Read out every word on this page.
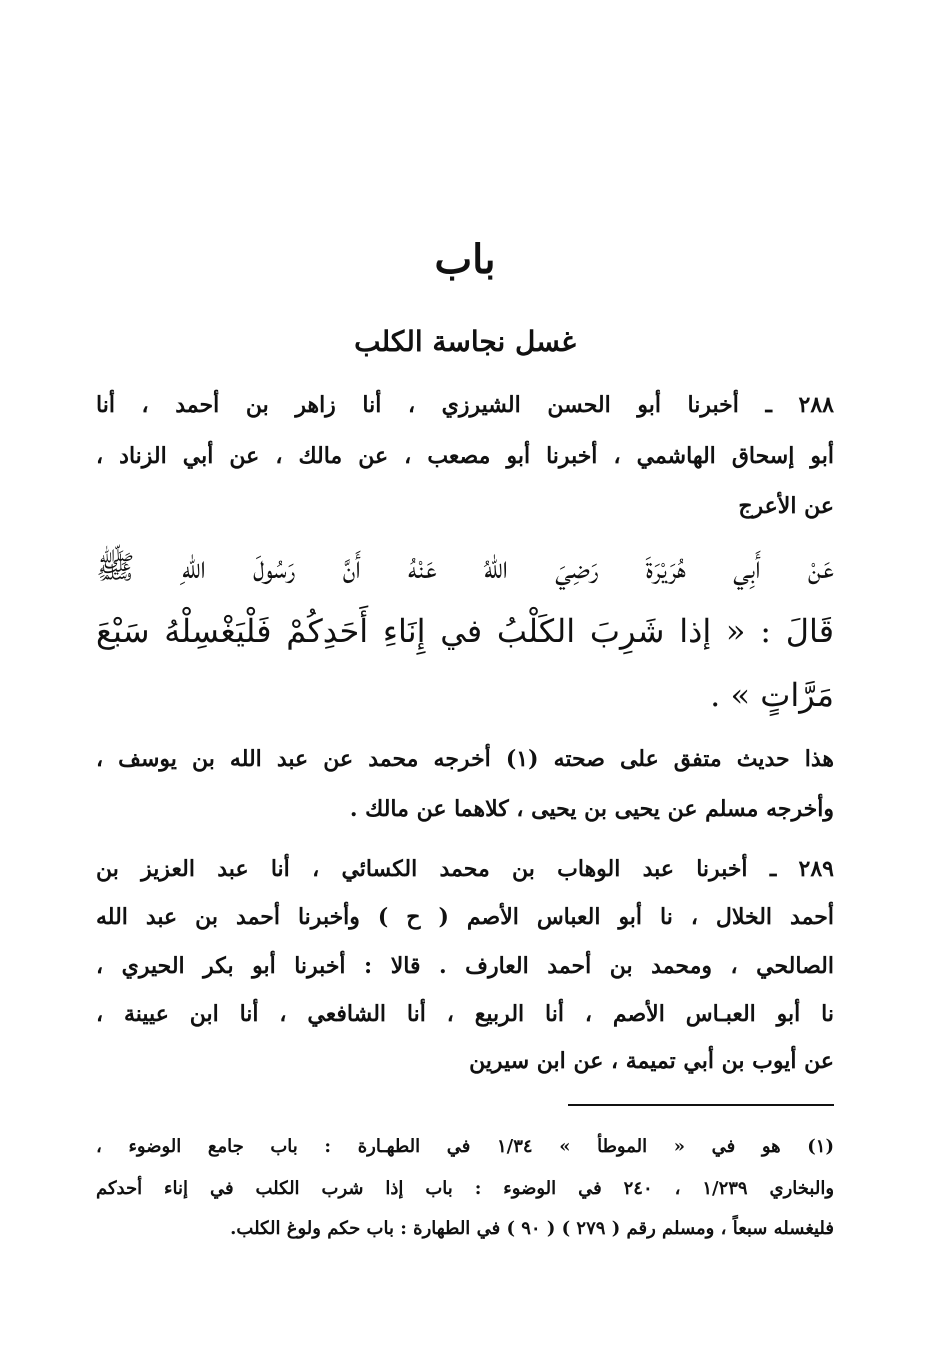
باب
غسل نجاسة الكلب
٢٨٨ ـ أخبرنا أبو الحسن الشيرزي ، أنا زاهر بن أحمد ، أنا
أبو إسحاق الهاشمي ، أخبرنا أبو مصعب ، عن مالك ، عن أبي الزناد ،
عن الأعرج
عَنْ أَبِي هُرَيْرَةَ رَضِيَ اللهُ عَنْهُ أَنَّ رَسُولَ اللهِ ﷺ
قَالَ : « إذا شَرِبَ الكَلْبُ في إِنَاءِ أَحَدِكُمْ فَلْيَغْسِلْهُ سَبْعَ
مَرَّاتٍ » .
هذا حديث متفق على صحته (١) أخرجه محمد عن عبد الله بن يوسف ،
وأخرجه مسلم عن يحيى بن يحيى ، كلاهما عن مالك .
٢٨٩ ـ أخبرنا عبد الوهاب بن محمد الكسائي ، أنا عبد العزيز بن
أحمد الخلال ، نا أبو العباس الأصم ( ح ) وأخبرنا أحمد بن عبد الله
الصالحي ، ومحمد بن أحمد العارف . قالا : أخبرنا أبو بكر الحيري ،
نا أبو العبـاس الأصم ، أنا الربيع ، أنا الشافعي ، أنا ابن عيينة ،
عن أيوب بن أبي تميمة ، عن ابن سيرين
(١) هو في « الموطأ » ١/٣٤ في الطهـارة : باب جامع الوضوء ،
والبخاري ١/٢٣٩ ، ٢٤٠ في الوضوء : باب إذا شرب الكلب في إناء أحدكم
فليغسله سبعاً ، ومسلم رقم ( ٢٧٩ ) ( ٩٠ ) في الطهارة : باب حكم ولوغ الكلب.
